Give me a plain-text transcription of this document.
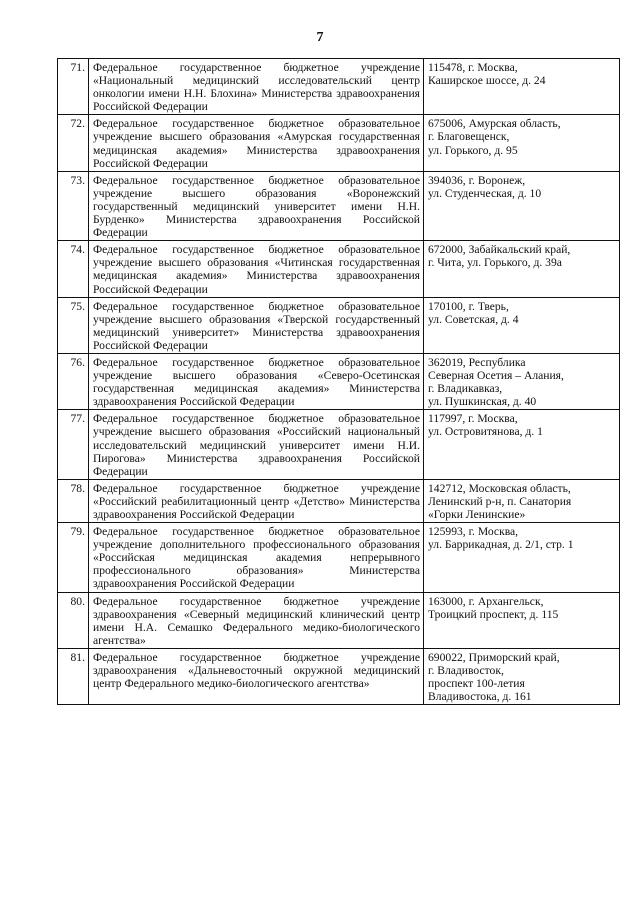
7
71.	Федеральное государственное бюджетное учреждение «Национальный медицинский исследовательский центр онкологии имени Н.Н. Блохина» Министерства здравоохранения Российской Федерации	115478, г. Москва,
Каширское шоссе, д. 24

72.	Федеральное государственное бюджетное образовательное учреждение высшего образования «Амурская государственная медицинская академия» Министерства здравоохранения Российской Федерации	675006, Амурская область,
г. Благовещенск,
ул. Горького, д. 95

73.	Федеральное государственное бюджетное образовательное учреждение высшего образования «Воронежский государственный медицинский университет имени Н.Н. Бурденко» Министерства здравоохранения Российской Федерации	394036, г. Воронеж,
ул. Студенческая, д. 10

74.	Федеральное государственное бюджетное образовательное учреждение высшего образования «Читинская государственная медицинская академия» Министерства здравоохранения Российской Федерации	672000, Забайкальский край,
г. Чита, ул. Горького, д. 39а

75.	Федеральное государственное бюджетное образовательное учреждение высшего образования «Тверской государственный медицинский университет» Министерства здравоохранения Российской Федерации	170100, г. Тверь,
ул. Советская, д. 4

76.	Федеральное государственное бюджетное образовательное учреждение высшего образования «Северо-Осетинская государственная медицинская академия» Министерства здравоохранения Российской Федерации	362019, Республика
Северная Осетия – Алания,
г. Владикавказ,
ул. Пушкинская, д. 40

77.	Федеральное государственное бюджетное образовательное учреждение высшего образования «Российский национальный исследовательский медицинский университет имени Н.И. Пирогова» Министерства здравоохранения Российской Федерации	117997, г. Москва,
ул. Островитянова, д. 1

78.	Федеральное государственное бюджетное учреждение «Российский реабилитационный центр «Детство» Министерства здравоохранения Российской Федерации	142712, Московская область,
Ленинский р-н, п. Санатория
«Горки Ленинские»

79.	Федеральное государственное бюджетное образовательное учреждение дополнительного профессионального образования «Российская медицинская академия непрерывного профессионального образования» Министерства здравоохранения Российской Федерации	125993, г. Москва,
ул. Баррикадная, д. 2/1, стр. 1

80.	Федеральное государственное бюджетное учреждение здравоохранения «Северный медицинский клинический центр имени Н.А. Семашко Федерального медико-биологического агентства»	163000, г. Архангельск,
Троицкий проспект, д. 115

81.	Федеральное государственное бюджетное учреждение здравоохранения «Дальневосточный окружной медицинский центр Федерального медико-биологического агентства»	690022, Приморский край,
г. Владивосток,
проспект 100-летия
Владивостока, д. 161
